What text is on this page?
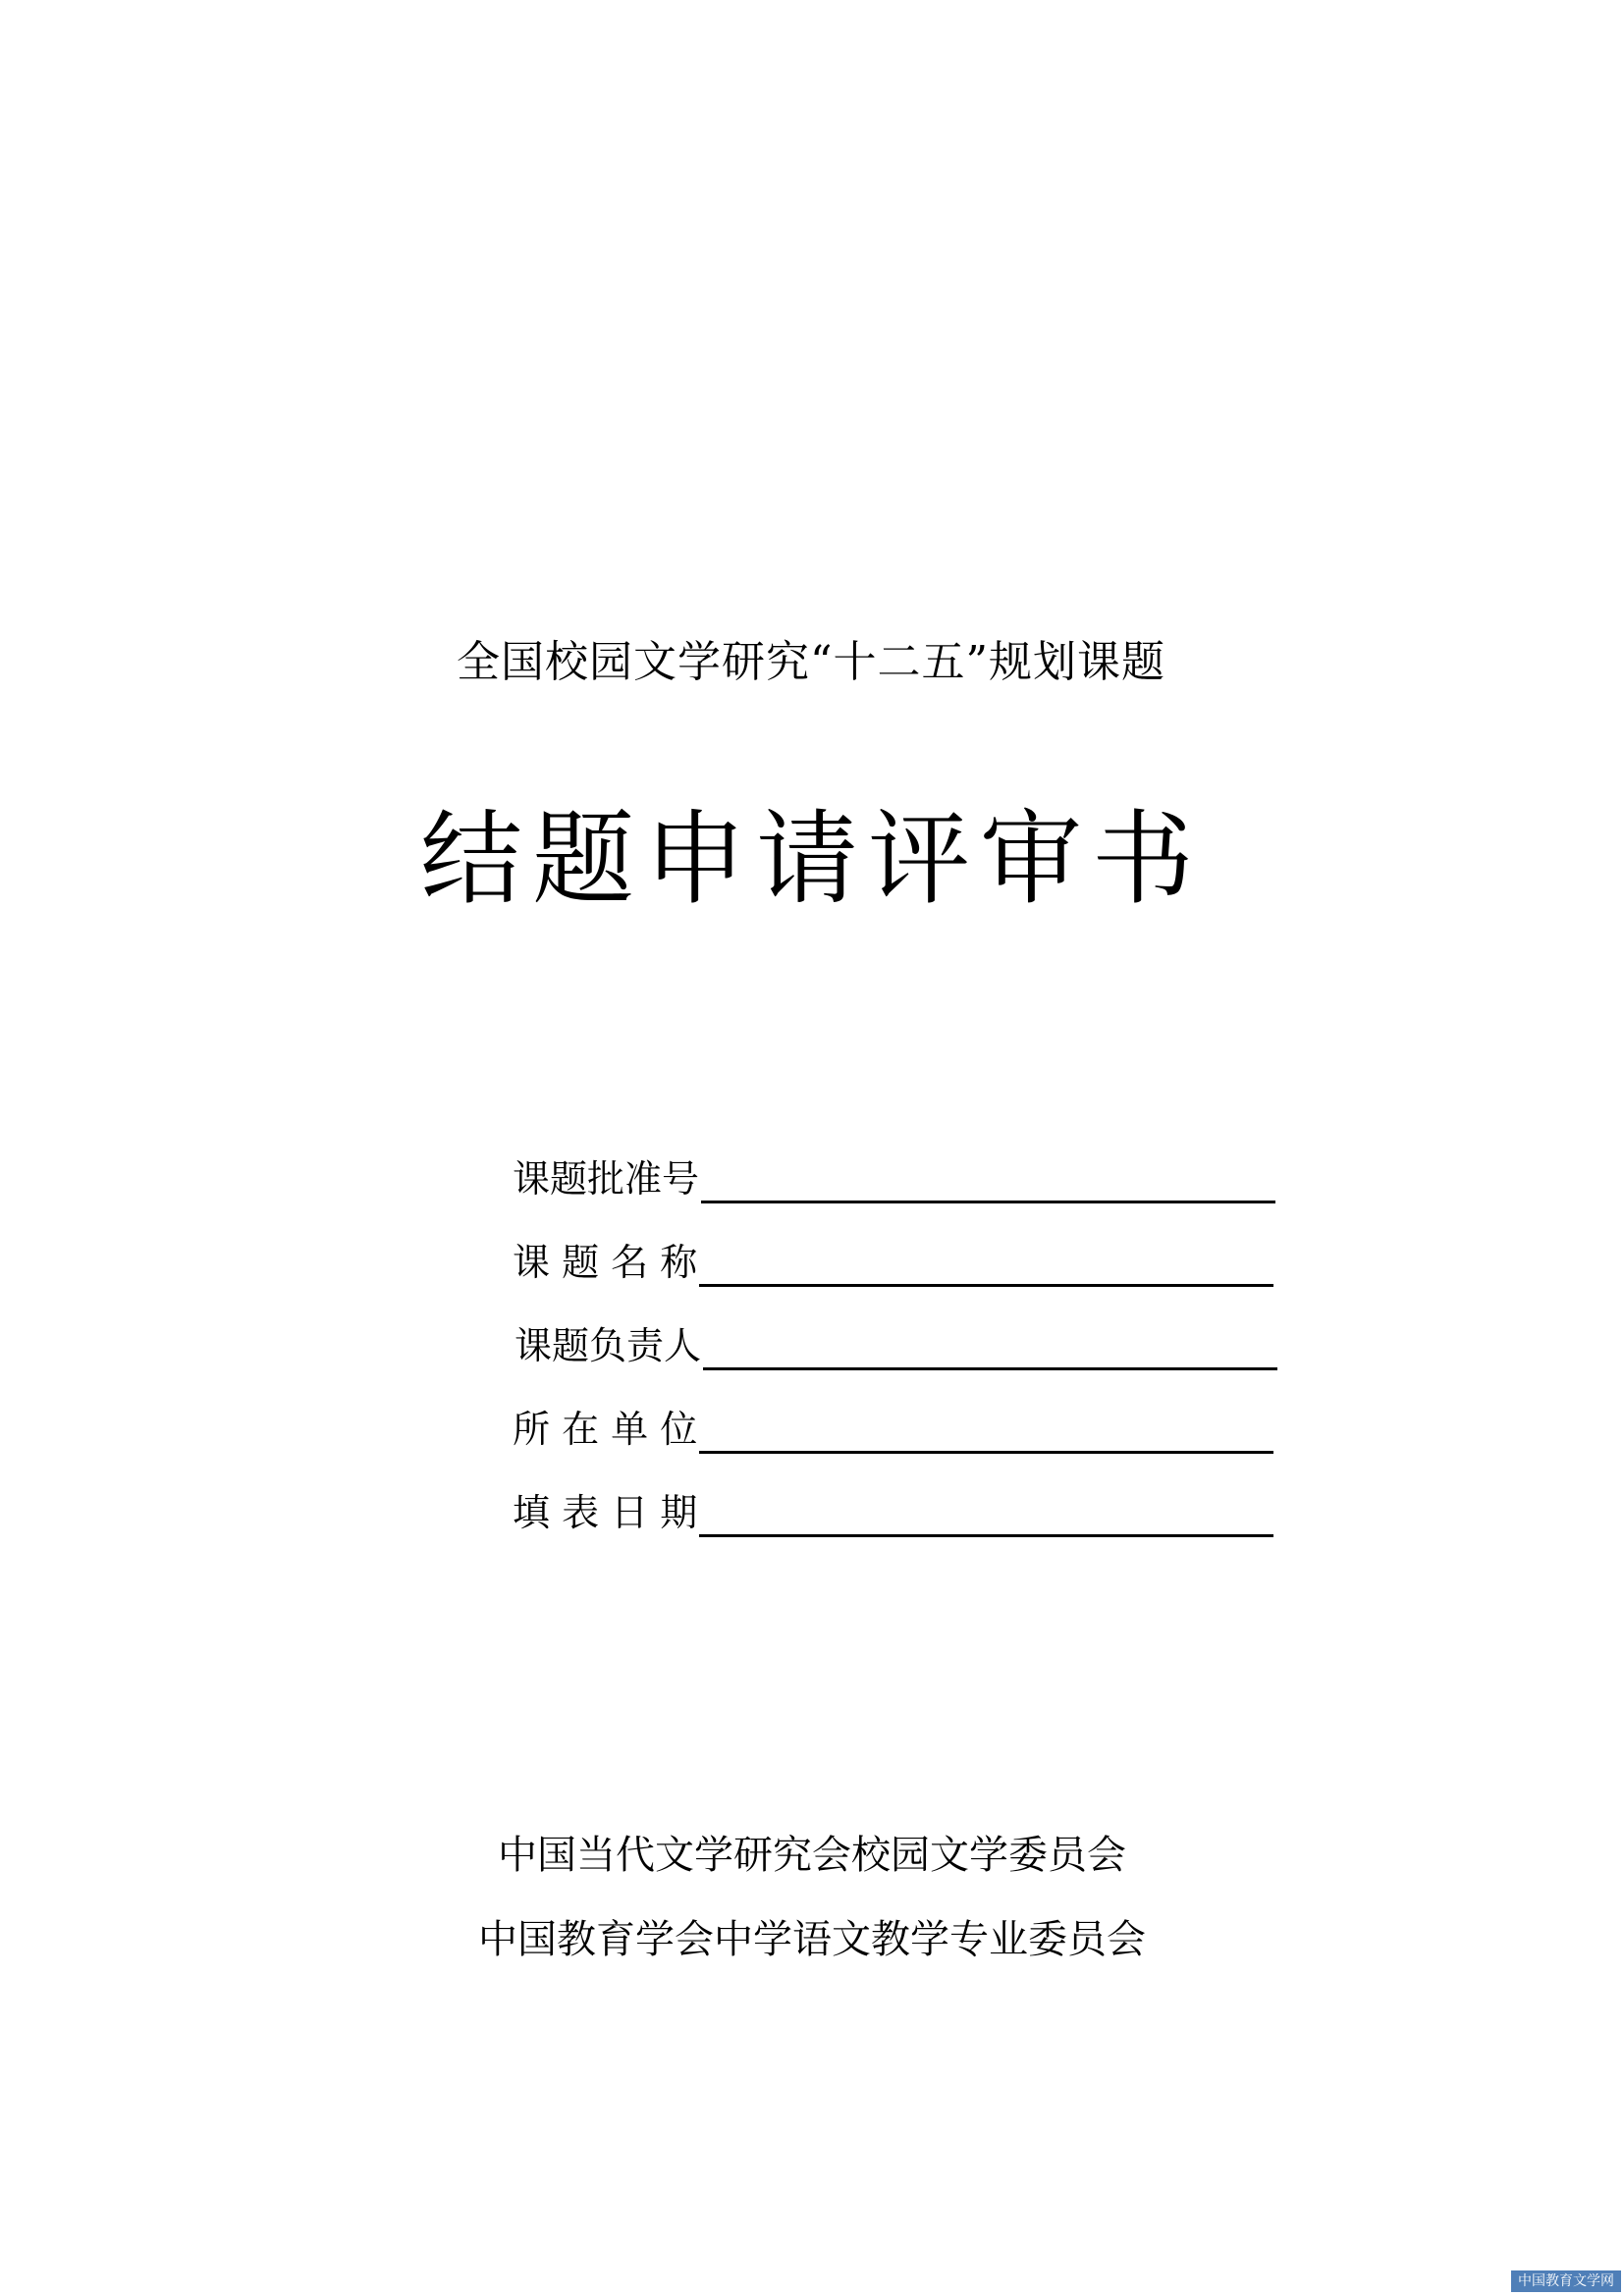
全国校园文学研究“十二五”规划课题
结题申请评审书
课题批准号
课 题 名 称
课题负责人
所 在 单 位
填 表 日 期
中国当代文学研究会校园文学委员会
中国教育学会中学语文教学专业委员会
中国教育文学网
